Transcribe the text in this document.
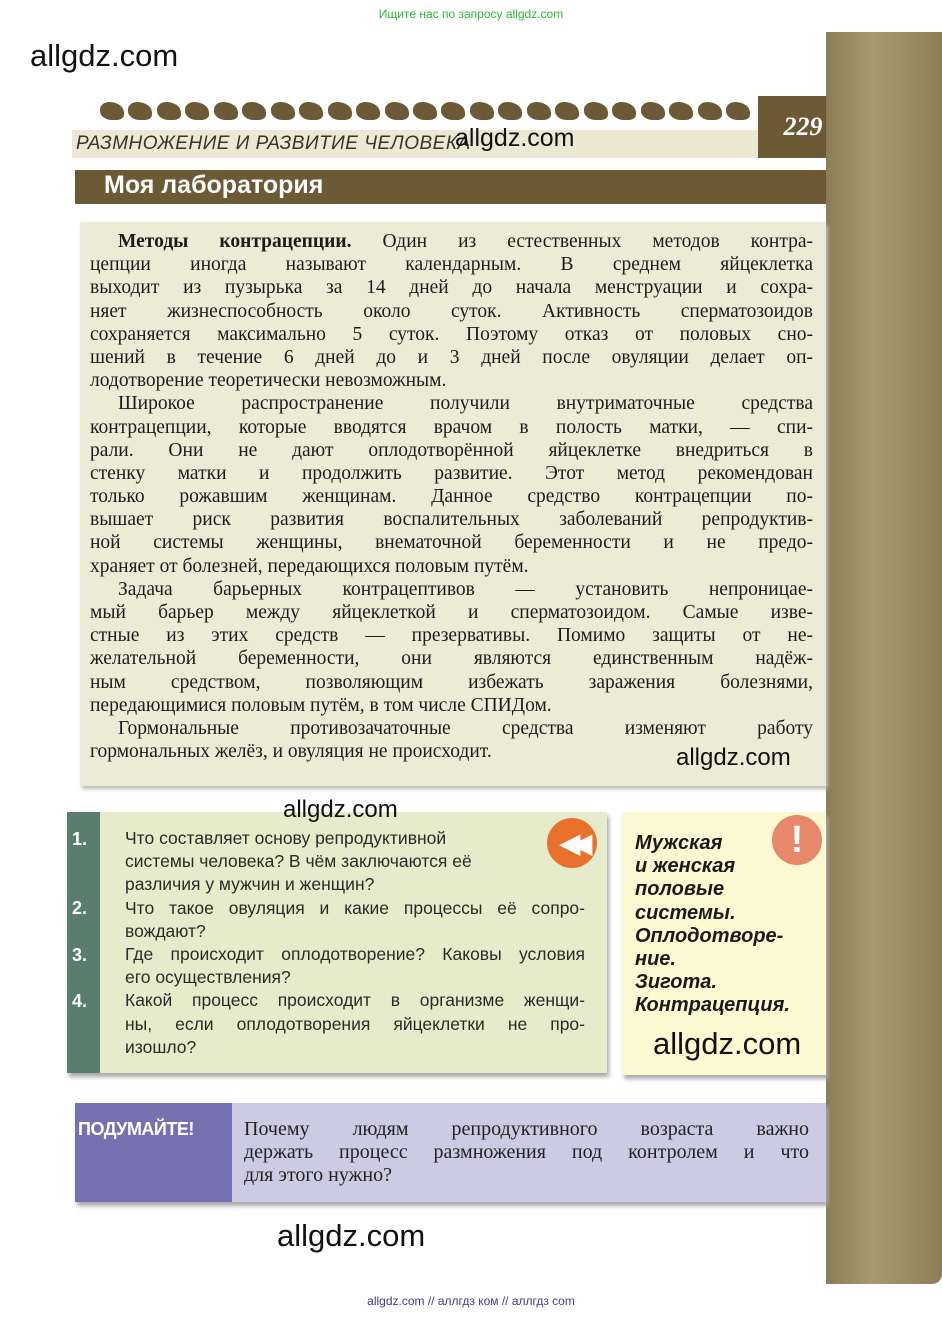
Ищите нас по запросу allgdz.com
allgdz.com
РАЗМНОЖЕНИЕ И РАЗВИТИЕ ЧЕЛОВЕКА
allgdz.com	229
Моя лаборатория
Методы контрацепции. Один из естественных методов контра-
цепции иногда называют календарным. В среднем яйцеклетка
выходит из пузырька за 14 дней до начала менструации и сохра-
няет жизнеспособность около суток. Активность сперматозоидов
сохраняется максимально 5 суток. Поэтому отказ от половых сно-
шений в течение 6 дней до и 3 дней после овуляции делает оп-
лодотворение теоретически невозможным.
Широкое распространение получили внутриматочные средства
контрацепции, которые вводятся врачом в полость матки, — спи-
рали. Они не дают оплодотворённой яйцеклетке внедриться в
стенку матки и продолжить развитие. Этот метод рекомендован
только рожавшим женщинам. Данное средство контрацепции по-
вышает риск развития воспалительных заболеваний репродуктив-
ной системы женщины, внематочной беременности и не предо-
храняет от болезней, передающихся половым путём.
Задача барьерных контрацептивов — установить непроницае-
мый барьер между яйцеклеткой и сперматозоидом. Самые изве-
стные из этих средств — презервативы. Помимо защиты от не-
желательной беременности, они являются единственным надёж-
ным средством, позволяющим избежать заражения болезнями,
передающимися половым путём, в том числе СПИДом.
Гормональные противозачаточные средства изменяют работу
гормональных желёз, и овуляция не происходит.	allgdz.com
1.
2.
3.
4.
Что составляет основу репродуктивной
системы человека? В чём заключаются её
различия у мужчин и женщин?
Что такое овуляция и какие процессы её сопро-
вождают?
Где происходит оплодотворение? Каковы условия
его осуществления?
Какой процесс происходит в организме женщи-
ны, если оплодотворения яйцеклетки не про-
изошло?
◀◀
allgdz.com
Мужская
и женская
половые
системы.
Оплодотворе-
ние.
Зигота.
Контрацепция.
!
allgdz.com
ПОДУМАЙТЕ!	Почему людям репродуктивного возраста важно
держать процесс размножения под контролем и что
для этого нужно?
allgdz.com
allgdz.com // аллгдз ком // аллгдз com
